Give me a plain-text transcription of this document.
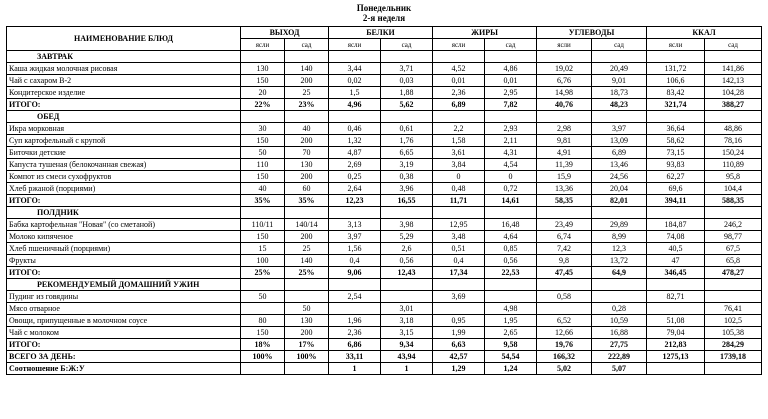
Понедельник
2-я неделя
НАИМЕНОВАНИЕ БЛЮД	ВЫХОД		БЕЛКИ		ЖИРЫ		УГЛЕВОДЫ		ККАЛ	
	ясли	сад	ясли	сад	ясли	сад	ясли	сад	ясли	сад
ЗАВТРАК										
Каша жидкая молочная рисовая	130	140	3,44	3,71	4,52	4,86	19,02	20,49	131,72	141,86
Чай с сахаром В-2	150	200	0,02	0,03	0,01	0,01	6,76	9,01	106,6	142,13
Кондитерское изделие	20	25	1,5	1,88	2,36	2,95	14,98	18,73	83,42	104,28
ИТОГО:	22%	23%	4,96	5,62	6,89	7,82	40,76	48,23	321,74	388,27
ОБЕД										
Икра морковная	30	40	0,46	0,61	2,2	2,93	2,98	3,97	36,64	48,86
Суп картофельный с крупой	150	200	1,32	1,76	1,58	2,11	9,81	13,09	58,62	78,16
Биточки детские	50	70	4,87	6,65	3,61	4,31	4,91	6,89	73,15	150,24
Капуста тушеная (белокочанная свежая)	110	130	2,69	3,19	3,84	4,54	11,39	13,46	93,83	110,89
Компот из смеси сухофруктов	150	200	0,25	0,38	0	0	15,9	24,56	62,27	95,8
Хлеб ржаной (порциями)	40	60	2,64	3,96	0,48	0,72	13,36	20,04	69,6	104,4
ИТОГО:	35%	35%	12,23	16,55	11,71	14,61	58,35	82,01	394,11	588,35
ПОЛДНИК										
Бабка картофельная "Новая" (со сметаной)	110/11	140/14	3,13	3,98	12,95	16,48	23,49	29,89	184,87	246,2
Молоко кипяченое	150	200	3,97	5,29	3,48	4,64	6,74	8,99	74,08	98,77
Хлеб пшеничный (порциями)	15	25	1,56	2,6	0,51	0,85	7,42	12,3	40,5	67,5
Фрукты	100	140	0,4	0,56	0,4	0,56	9,8	13,72	47	65,8
ИТОГО:	25%	25%	9,06	12,43	17,34	22,53	47,45	64,9	346,45	478,27
РЕКОМЕНДУЕМЫЙ ДОМАШНИЙ УЖИН										
Пудинг из говядины	50		2,54		3,69		0,58		82,71	
Мясо отварное		50		3,01		4,98		0,28		76,41
Овощи, припущенные в молочном соусе	80	130	1,96	3,18	0,95	1,95	6,52	10,59	51,08	102,5
Чай с молоком	150	200	2,36	3,15	1,99	2,65	12,66	16,88	79,04	105,38
ИТОГО:	18%	17%	6,86	9,34	6,63	9,58	19,76	27,75	212,83	284,29
ВСЕГО ЗА ДЕНЬ:	100%	100%	33,11	43,94	42,57	54,54	166,32	222,89	1275,13	1739,18
Соотношение Б:Ж:У			1	1	1,29	1,24	5,02	5,07		
